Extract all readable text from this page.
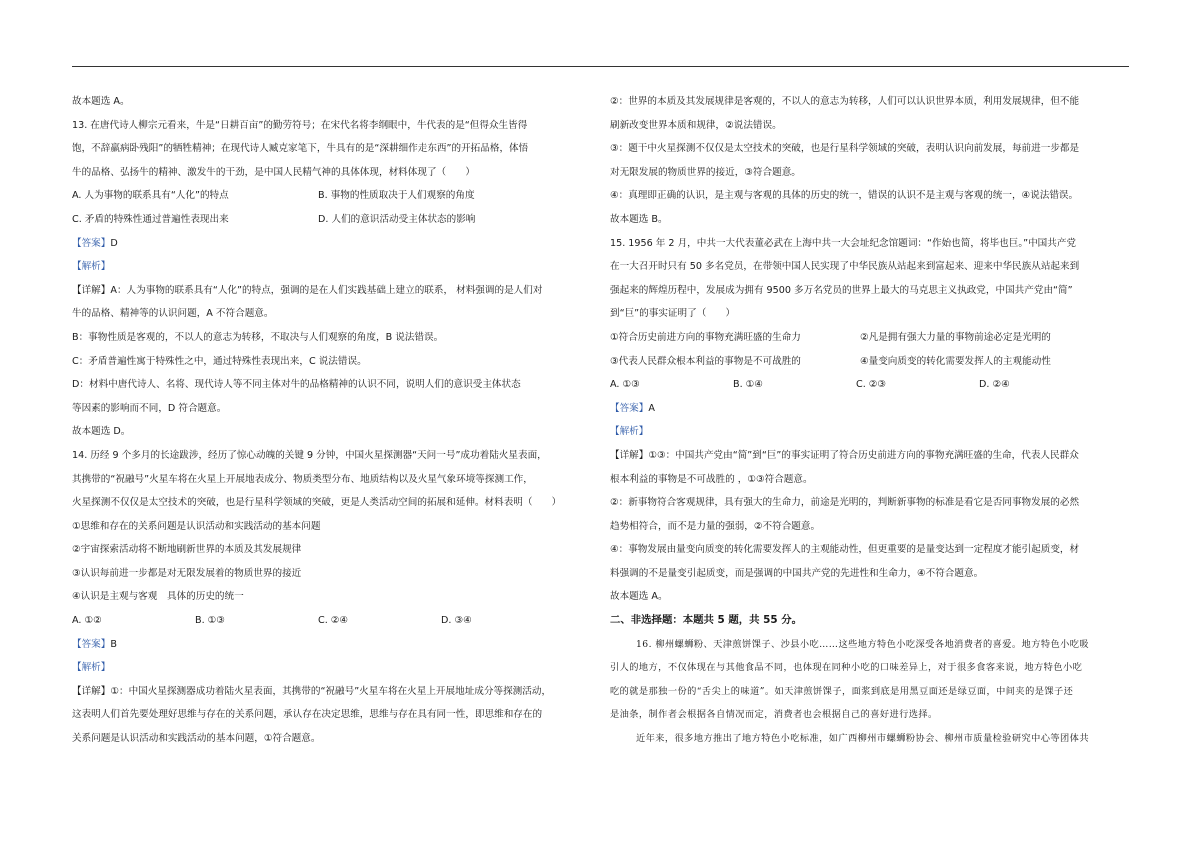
故本题选 A。
13. 在唐代诗人柳宗元看来，牛是“日耕百亩”的勤劳符号；在宋代名将李纲眼中，牛代表的是“但得众生皆得
饱，不辞羸病卧残阳”的牺牲精神；在现代诗人臧克家笔下，牛具有的是“深耕细作走东西”的开拓品格，体悟
牛的品格、弘扬牛的精神、激发牛的干劲，是中国人民精气神的具体体现，材料体现了（　　）
A. 人为事物的联系具有“人化”的特点	B. 事物的性质取决于人们观察的角度
C. 矛盾的特殊性通过普遍性表现出来	D. 人们的意识活动受主体状态的影响
【答案】D
【解析】
【详解】A：人为事物的联系具有“人化”的特点，强调的是在人们实践基础上建立的联系， 材料强调的是人们对
牛的品格、精神等的认识问题，A 不符合题意。
B：事物性质是客观的，不以人的意志为转移，不取决与人们观察的角度，B 说法错误。
C：矛盾普遍性寓于特殊性之中，通过特殊性表现出来，C 说法错误。
D：材料中唐代诗人、名将、现代诗人等不同主体对牛的品格精神的认识不同，说明人们的意识受主体状态
等因素的影响而不同，D 符合题意。
故本题选 D。
14. 历经 9 个多月的长途跋涉，经历了惊心动魄的关键 9 分钟，中国火星探测器“天问一号”成功着陆火星表面，
其携带的“祝融号”火星车将在火星上开展地表成分、物质类型分布、地质结构以及火星气象环境等探测工作，
火星探测不仅仅是太空技术的突破，也是行星科学领域的突破，更是人类活动空间的拓展和延伸。材料表明（　　）
①思维和存在的关系问题是认识活动和实践活动的基本问题
②宇宙探索活动将不断地刷新世界的本质及其发展规律
③认识每前进一步都是对无限发展着的物质世界的接近
④认识是主观与客观　具体的历史的统一
A. ①②	B. ①③	C. ②④	D. ③④
【答案】B
【解析】
【详解】①：中国火星探测器成功着陆火星表面，其携带的“祝融号”火星车将在火星上开展地址成分等探测活动，
这表明人们首先要处理好思维与存在的关系问题，承认存在决定思维，思维与存在具有同一性，即思维和存在的
关系问题是认识活动和实践活动的基本问题，①符合题意。
②：世界的本质及其发展规律是客观的，不以人的意志为转移，人们可以认识世界本质，利用发展规律，但不能
刷新改变世界本质和规律，②说法错误。
③：题干中火星探测不仅仅是太空技术的突破，也是行星科学领域的突破，表明认识向前发展，每前进一步都是
对无限发展的物质世界的接近，③符合题意。
④：真理即正确的认识，是主观与客观的具体的历史的统一，错误的认识不是主观与客观的统一，④说法错误。
故本题选 B。
15. 1956 年 2 月，中共一大代表董必武在上海中共一大会址纪念馆题词：“作始也简，将毕也巨。”中国共产党
在一大召开时只有 50 多名党员，在带领中国人民实现了中华民族从站起来到富起来、迎来中华民族从站起来到
强起来的辉煌历程中，发展成为拥有 9500 多万名党员的世界上最大的马克思主义执政党，中国共产党由“简”
到“巨”的事实证明了（　　）
①符合历史前进方向的事物充满旺盛的生命力	②凡是拥有强大力量的事物前途必定是光明的
③代表人民群众根本利益的事物是不可战胜的	④量变向质变的转化需要发挥人的主观能动性
A. ①③	B. ①④	C. ②③	D. ②④
【答案】A
【解析】
【详解】①③：中国共产党由“简”到“巨”的事实证明了符合历史前进方向的事物充满旺盛的生命，代表人民群众
根本利益的事物是不可战胜的 ，①③符合题意。
②：新事物符合客观规律，具有强大的生命力，前途是光明的，判断新事物的标准是看它是否同事物发展的必然
趋势相符合，而不是力量的强弱，②不符合题意。
④：事物发展由量变向质变的转化需要发挥人的主观能动性，但更重要的是量变达到一定程度才能引起质变，材
料强调的不是量变引起质变，而是强调的中国共产党的先进性和生命力，④不符合题意。
故本题选 A。
二、非选择题：本题共 5 题，共 55 分。
16. 柳州螺蛳粉、天津煎饼馃子、沙县小吃……这些地方特色小吃深受各地消费者的喜爱。地方特色小吃吸
引人的地方，不仅体现在与其他食品不同，也体现在同种小吃的口味差异上，对于很多食客来说，地方特色小吃
吃的就是那独一份的“舌尖上的味道”。如天津煎饼馃子，面浆到底是用黑豆面还是绿豆面，中间夹的是馃子还
是油条，制作者会根据各自情况而定，消费者也会根据自己的喜好进行选择。
近年来，很多地方推出了地方特色小吃标准，如广西柳州市螺蛳粉协会、柳州市质量检验研究中心等团体共
